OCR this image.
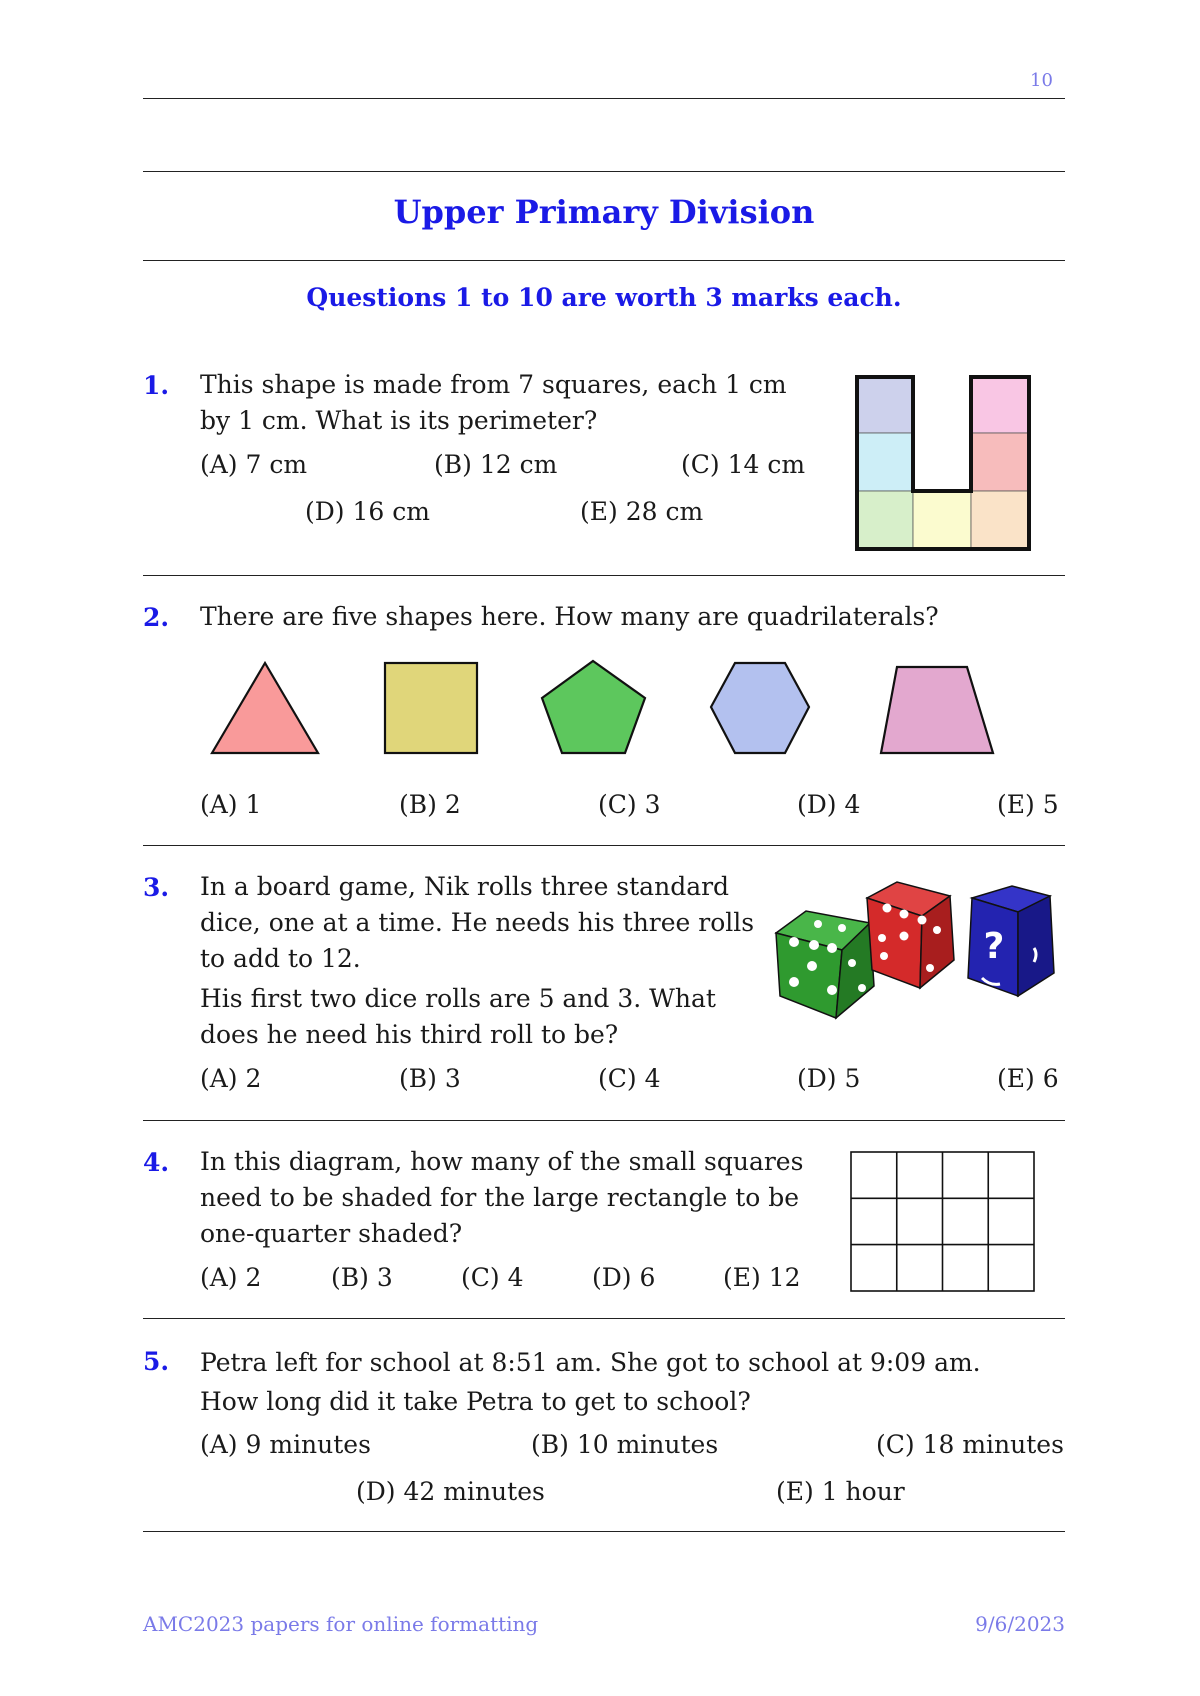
10
Upper Primary Division
Questions 1 to 10 are worth 3 marks each.
1. This shape is made from 7 squares, each 1 cm
by 1 cm. What is its perimeter?
(A) 7 cm	(B) 12 cm	(C) 14 cm
(D) 16 cm	(E) 28 cm
2. There are five shapes here. How many are quadrilaterals?
(A) 1	(B) 2	(C) 3	(D) 4	(E) 5
3. In a board game, Nik rolls three standard
dice, one at a time. He needs his three rolls
to add to 12.
His first two dice rolls are 5 and 3. What
does he need his third roll to be?
?
(A) 2	(B) 3	(C) 4	(D) 5	(E) 6
4. In this diagram, how many of the small squares
need to be shaded for the large rectangle to be
one-quarter shaded?
(A) 2	(B) 3	(C) 4	(D) 6	(E) 12
5. Petra left for school at 8:51 am. She got to school at 9:09 am.
How long did it take Petra to get to school?
(A) 9 minutes	(B) 10 minutes	(C) 18 minutes
(D) 42 minutes	(E) 1 hour
AMC2023 papers for online formatting	9/6/2023
